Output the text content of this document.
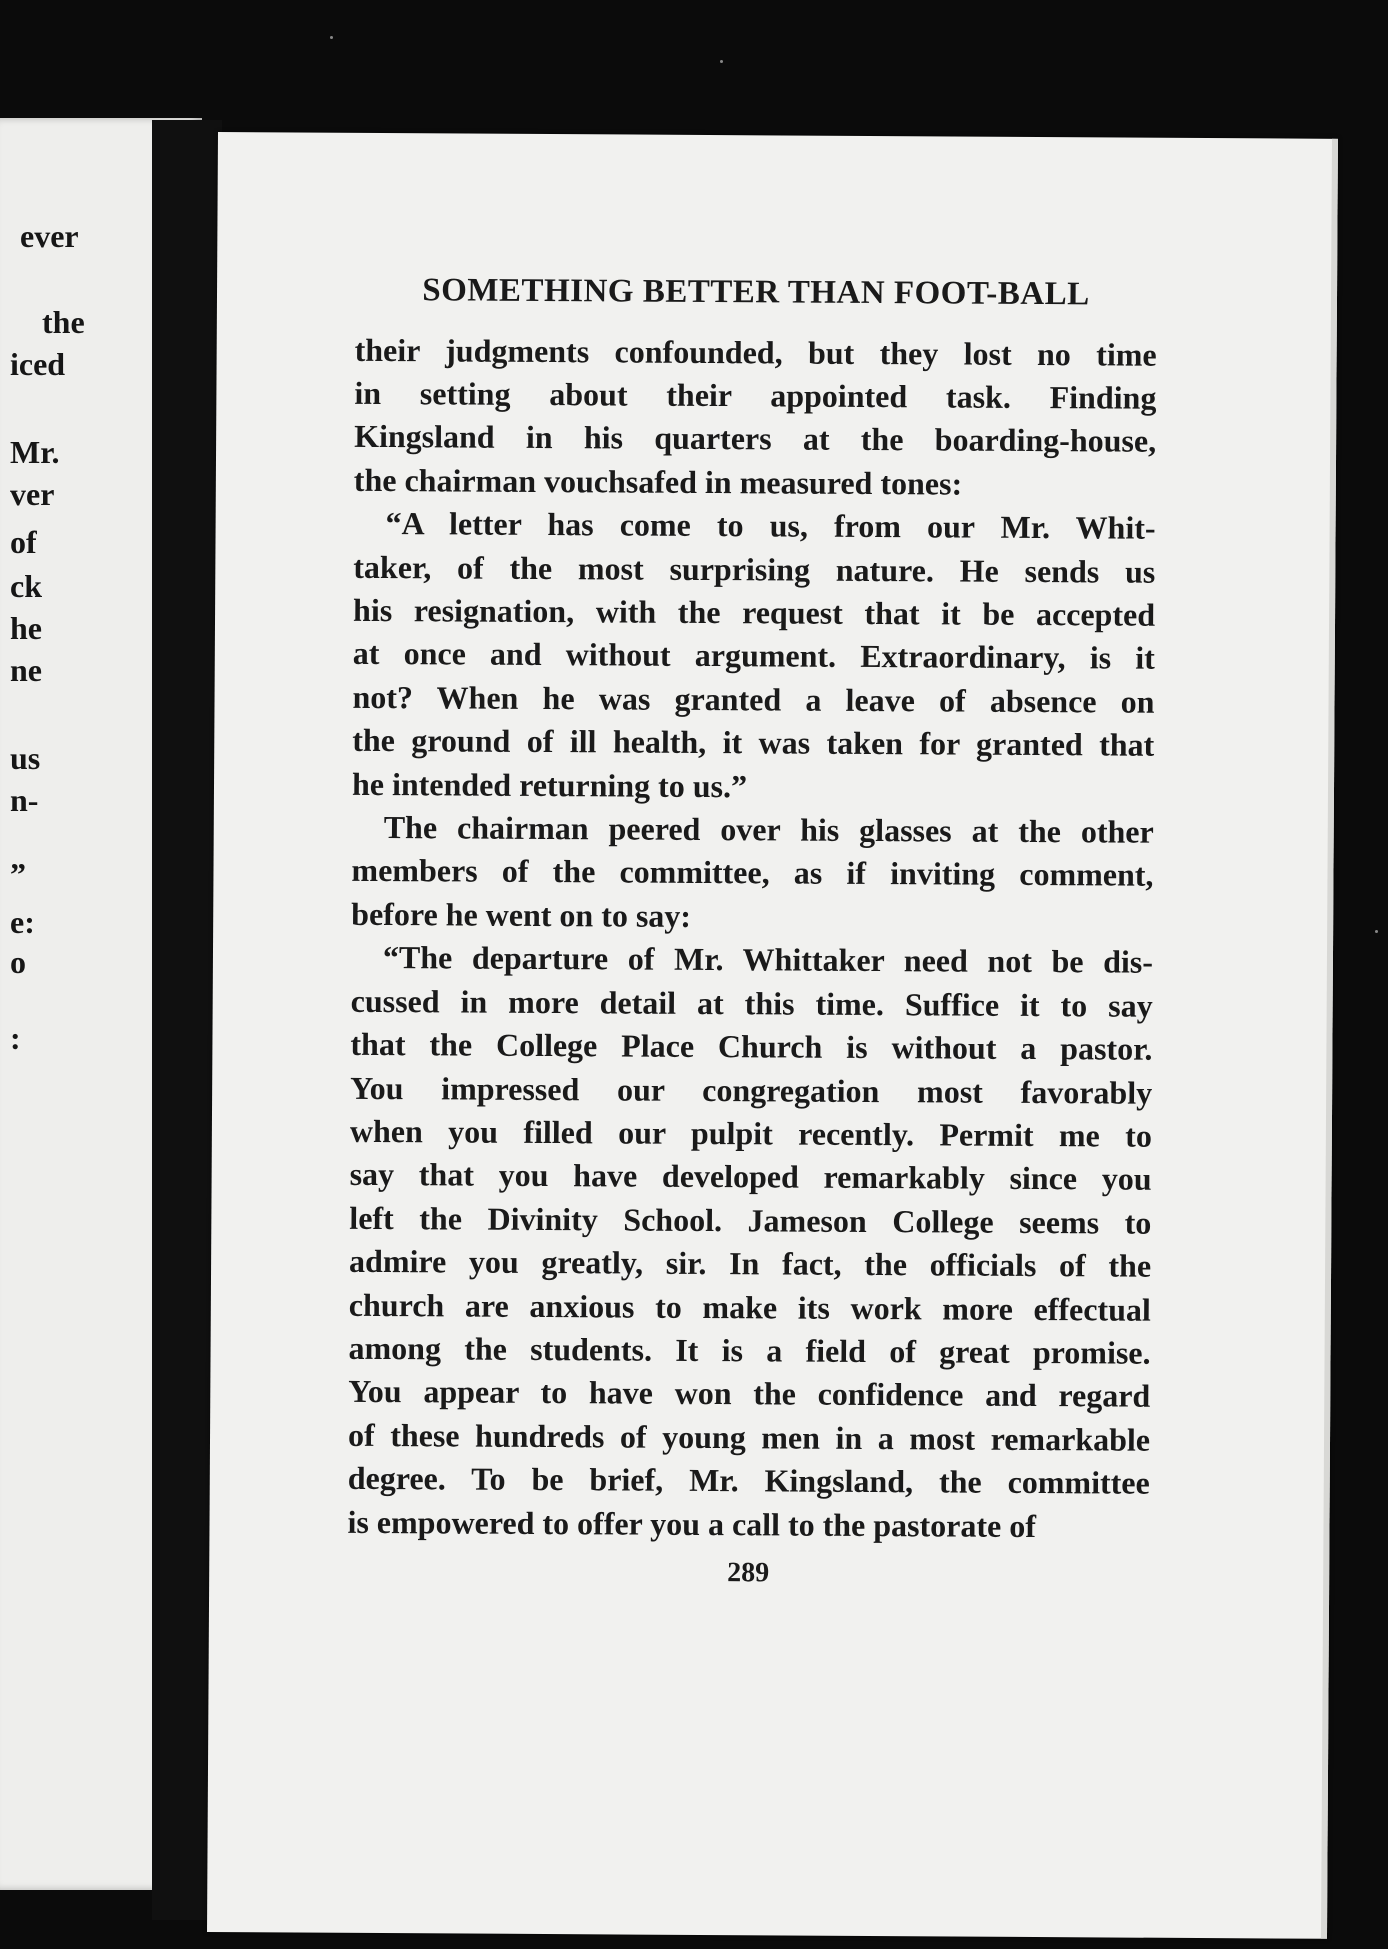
ever
the
iced
Mr.
ver
of
ck
he
ne
us
n-
”
e:
o
:
SOMETHING BETTER THAN FOOT-BALL

their judgments confounded, but they lost no time
in setting about their appointed task. Finding
Kingsland in his quarters at the boarding-house,
the chairman vouchsafed in measured tones:

“A letter has come to us, from our Mr. Whit-
taker, of the most surprising nature. He sends us
his resignation, with the request that it be accepted
at once and without argument. Extraordinary, is it
not? When he was granted a leave of absence on
the ground of ill health, it was taken for granted that
he intended returning to us.”

The chairman peered over his glasses at the other
members of the committee, as if inviting comment,
before he went on to say:

“The departure of Mr. Whittaker need not be dis-
cussed in more detail at this time. Suffice it to say
that the College Place Church is without a pastor.
You impressed our congregation most favorably
when you filled our pulpit recently. Permit me to
say that you have developed remarkably since you
left the Divinity School. Jameson College seems to
admire you greatly, sir. In fact, the officials of the
church are anxious to make its work more effectual
among the students. It is a field of great promise.
You appear to have won the confidence and regard
of these hundreds of young men in a most remarkable
degree. To be brief, Mr. Kingsland, the committee
is empowered to offer you a call to the pastorate of

289
